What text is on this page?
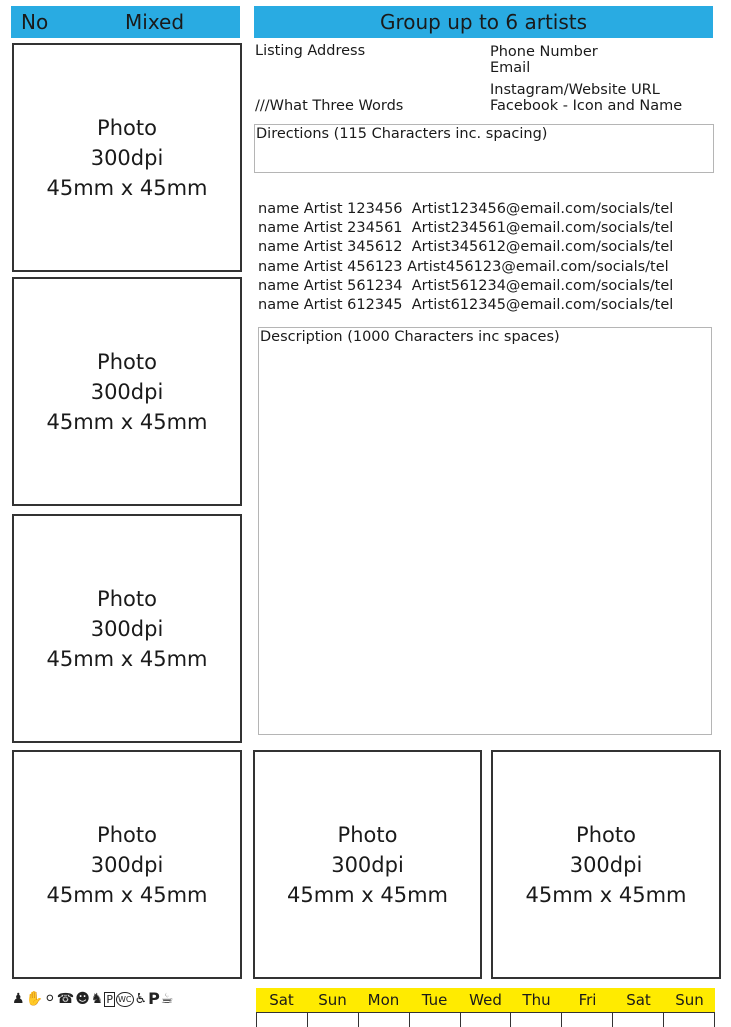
No	Mixed	Group up to 6 artists
Photo
300dpi
45mm x 45mm
Photo
300dpi
45mm x 45mm
Photo
300dpi
45mm x 45mm
Photo
300dpi
45mm x 45mm
Photo
300dpi
45mm x 45mm
Photo
300dpi
45mm x 45mm
Listing Address
///What Three Words
Phone Number
Email
Instagram/Website URL
Facebook - Icon and Name
Directions (115 Characters inc. spacing)
name Artist 123456  Artist123456@email.com/socials/tel
name Artist 234561  Artist234561@email.com/socials/tel
name Artist 345612  Artist345612@email.com/socials/tel
name Artist 456123 Artist456123@email.com/socials/tel
name Artist 561234  Artist561234@email.com/socials/tel
name Artist 612345  Artist612345@email.com/socials/tel
Description (1000 Characters inc spaces)
♟ ✋ ⚪ ☎ ☻ ♞ P WC ♿ P ☕	Sat	Sun	Mon	Tue	Wed	Thu	Fri	Sat	Sun
